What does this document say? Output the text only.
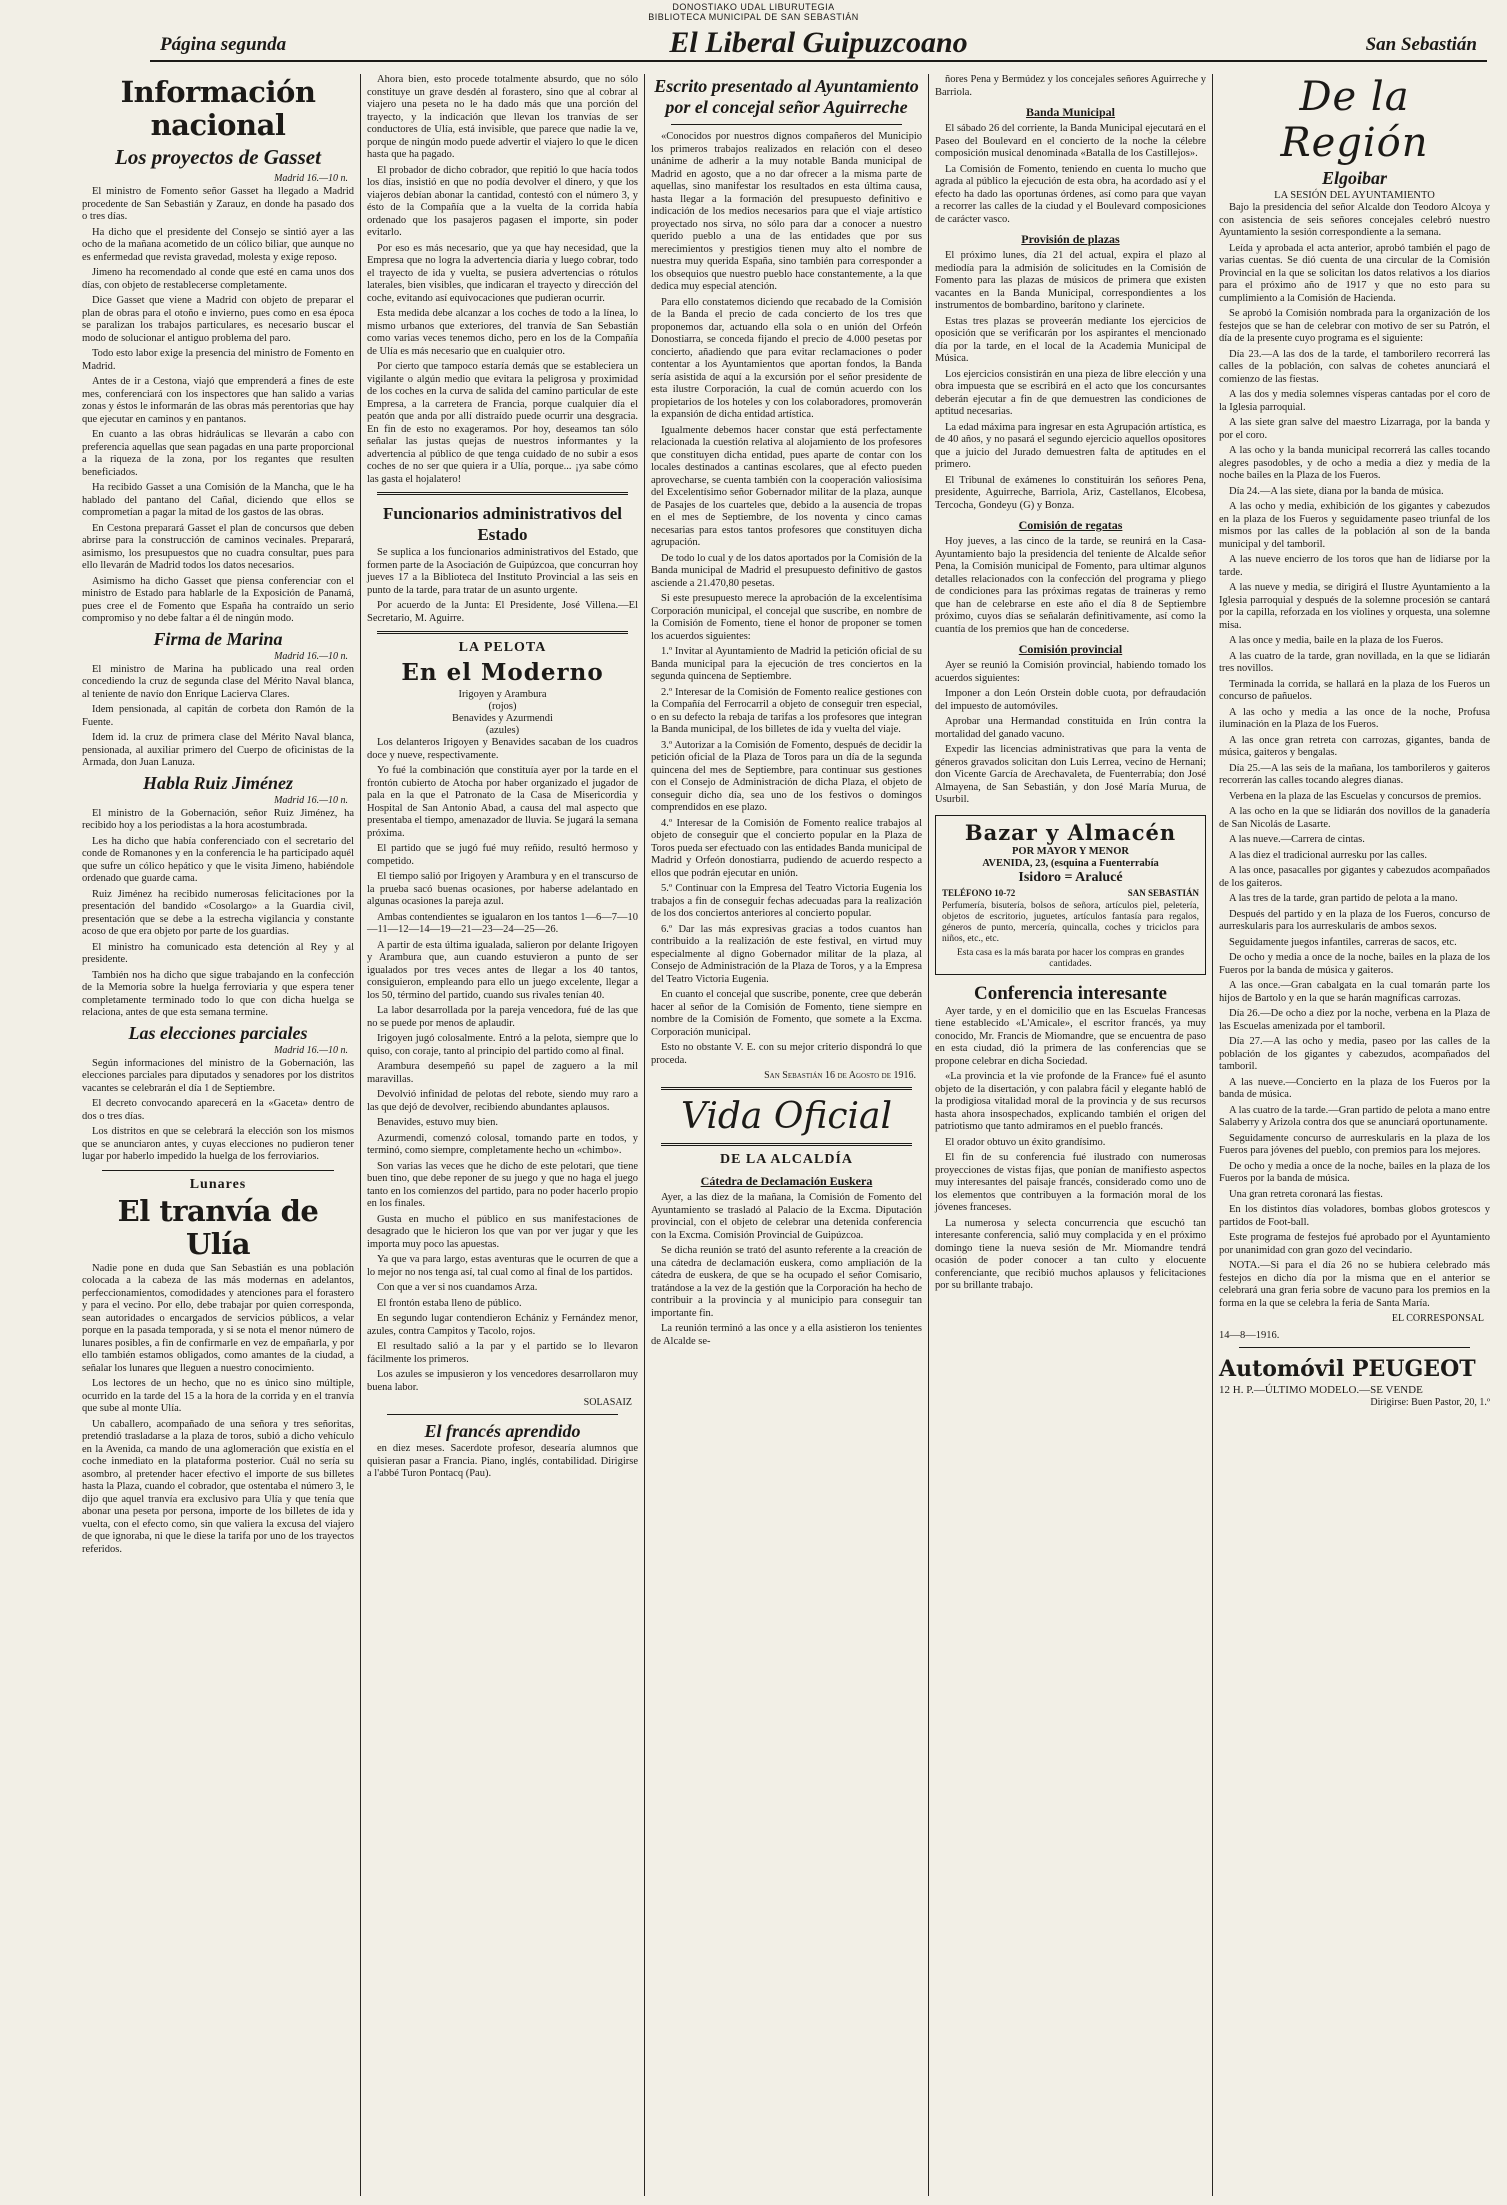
DONOSTIAKO UDAL LIBURUTEGIA
BIBLIOTECA MUNICIPAL DE SAN SEBASTIÁN
Página segunda	El Liberal Guipuzcoano	San Sebastián
Información nacional
Los proyectos de Gasset
Madrid 16.—10 n.

El ministro de Fomento señor Gasset ha llegado a Madrid procedente de San Sebastián y Zarauz, en donde ha pasado dos o tres días.

Ha dicho que el presidente del Consejo se sintió ayer a las ocho de la mañana acometido de un cólico biliar, que aunque no es enfermedad que revista gravedad, molesta y exige reposo.

Jimeno ha recomendado al conde que esté en cama unos dos días, con objeto de restablecerse completamente.

Dice Gasset que viene a Madrid con objeto de preparar el plan de obras para el otoño e invierno, pues como en esa época se paralizan los trabajos particulares, es necesario buscar el modo de solucionar el antiguo problema del paro.

Todo esto labor exige la presencia del ministro de Fomento en Madrid.

Antes de ir a Cestona, viajó que emprenderá a fines de este mes, conferenciará con los inspectores que han salido a varias zonas y éstos le informarán de las obras más perentorias que hay que ejecutar en caminos y en pantanos.

En cuanto a las obras hidráulicas se llevarán a cabo con preferencia aquellas que sean pagadas en una parte proporcional a la riqueza de la zona, por los regantes que resulten beneficiados.

Ha recibido Gasset a una Comisión de la Mancha, que le ha hablado del pantano del Cañal, diciendo que ellos se comprometían a pagar la mitad de los gastos de las obras.

En Cestona preparará Gasset el plan de concursos que deben abrirse para la construcción de caminos vecinales. Preparará, asimismo, los presupuestos que no cuadra consultar, pues para ello llevarán de Madrid todos los datos necesarios.

Asimismo ha dicho Gasset que piensa conferenciar con el ministro de Estado para hablarle de la Exposición de Panamá, pues cree el de Fomento que España ha contraído un serio compromiso y no debe faltar a él de ningún modo.

Firma de Marina
Madrid 16.—10 n.

El ministro de Marina ha publicado una real orden concediendo la cruz de segunda clase del Mérito Naval blanca, al teniente de navío don Enrique Lacierva Clares.

Idem pensionada, al capitán de corbeta don Ramón de la Fuente.

Idem id. la cruz de primera clase del Mérito Naval blanca, pensionada, al auxiliar primero del Cuerpo de oficinistas de la Armada, don Juan Lanuza.

Habla Ruiz Jiménez
Madrid 16.—10 n.

El ministro de la Gobernación, señor Ruiz Jiménez, ha recibido hoy a los periodistas a la hora acostumbrada.

Les ha dicho que había conferenciado con el secretario del conde de Romanones y en la conferencia le ha participado aquél que sufre un cólico hepático y que le visita Jimeno, habiéndole ordenado que guarde cama.

Ruiz Jiménez ha recibido numerosas felicitaciones por la presentación del bandido «Cosolargo» a la Guardia civil, presentación que se debe a la estrecha vigilancia y constante acoso de que era objeto por parte de los guardias.

El ministro ha comunicado esta detención al Rey y al presidente.

También nos ha dicho que sigue trabajando en la confección de la Memoria sobre la huelga ferroviaria y que espera tener completamente terminado todo lo que con dicha huelga se relaciona, antes de que esta semana termine.

Las elecciones parciales
Madrid 16.—10 n.

Según informaciones del ministro de la Gobernación, las elecciones parciales para diputados y senadores por los distritos vacantes se celebrarán el día 1 de Septiembre.

El decreto convocando aparecerá en la «Gaceta» dentro de dos o tres días.

Los distritos en que se celebrará la elección son los mismos que se anunciaron antes, y cuyas elecciones no pudieron tener lugar por haberlo impedido la huelga de los ferroviarios.

Lunares
El tranvía de Ulía

Nadie pone en duda que San Sebastián es una población colocada a la cabeza de las más modernas en adelantos, perfeccionamientos, comodidades y atenciones para el forastero y para el vecino. Por ello, debe trabajar por quien corresponda, sean autoridades o encargados de servicios públicos, a velar porque en la pasada temporada, y si se nota el menor número de lunares posibles, a fin de confirmarle en vez de empañarla, y por ello también estamos obligados, como amantes de la ciudad, a señalar los lunares que lleguen a nuestro conocimiento.

Los lectores de un hecho, que no es único sino múltiple, ocurrido en la tarde del 15 a la hora de la corrida y en el tranvía que sube al monte Ulía.

Un caballero, acompañado de una señora y tres señoritas, pretendió trasladarse a la plaza de toros, subió a dicho vehículo en la Avenida, ca mando de una aglomeración que existía en el coche inmediato en la plataforma posterior. Cuál no sería su asombro, al pretender hacer efectivo el importe de sus billetes hasta la Plaza, cuando el cobrador, que ostentaba el número 3, le dijo que aquel tranvía era exclusivo para Ulía y que tenía que abonar una peseta por persona, importe de los billetes de ida y vuelta, con el efecto como, sin que valiera la excusa del viajero de que ignoraba, ni que le diese la tarifa por uno de los trayectos referidos.

Ahora bien, esto procede totalmente absurdo, que no sólo constituye un grave desdén al forastero, sino que al cobrar al viajero una peseta no le ha dado más que una porción del trayecto, y la indicación que llevan los tranvías de ser conductores de Ulía, está invisible, que parece que nadie la ve, porque de ningún modo puede advertir el viajero lo que le dicen hasta que ha pagado.

El probador de dicho cobrador, que repitió lo que hacía todos los días, insistió en que no podía devolver el dinero, y que los viajeros debían abonar la cantidad, contestó con el número 3, y ésto de la Compañía que a la vuelta de la corrida había ordenado que los pasajeros pagasen el importe, sin poder evitarlo.

Por eso es más necesario, que ya que hay necesidad, que la Empresa que no logra la advertencia diaria y luego cobrar, todo el trayecto de ida y vuelta, se pusiera advertencias o rótulos laterales, bien visibles, que indicaran el trayecto y dirección del coche, evitando así equivocaciones que pudieran ocurrir.

Esta medida debe alcanzar a los coches de todo a la línea, lo mismo urbanos que exteriores, del tranvía de San Sebastián como varias veces tenemos dicho, pero en los de la Compañía de Ulía es más necesario que en cualquier otro.

Por cierto que tampoco estaría demás que se estableciera un vigilante o algún medio que evitara la peligrosa y proximidad de los coches en la curva de salida del camino particular de este Empresa, a la carretera de Francia, porque cualquier día el peatón que anda por allí distraído puede ocurrir una desgracia. En fin de esto no exageramos. Por hoy, deseamos tan sólo señalar las justas quejas de nuestros informantes y la advertencia al público de que tenga cuidado de no subir a esos coches de no ser que quiera ir a Ulía, porque... ¡ya sabe cómo las gasta el hojalatero!

Funcionarios administrativos del Estado

Se suplica a los funcionarios administrativos del Estado, que formen parte de la Asociación de Guipúzcoa, que concurran hoy jueves 17 a la Biblioteca del Instituto Provincial a las seis en punto de la tarde, para tratar de un asunto urgente.

Por acuerdo de la Junta: El Presidente, José Villena.—El Secretario, M. Aguirre.

LA PELOTA
En el Moderno
Irigoyen y Arambura
(rojos)
Benavides y Azurmendi
(azules)

Los delanteros Irigoyen y Benavides sacaban de los cuadros doce y nueve, respectivamente.

Yo fué la combinación que constituía ayer por la tarde en el frontón cubierto de Atocha por haber organizado el jugador de pala en la que el Patronato de la Casa de Misericordia y Hospital de San Antonio Abad, a causa del mal aspecto que presentaba el tiempo, amenazador de lluvia. Se jugará la semana próxima.

El partido que se jugó fué muy reñido, resultó hermoso y competido.

El tiempo salió por Irigoyen y Arambura y en el transcurso de la prueba sacó buenas ocasiones, por haberse adelantado en algunas ocasiones la pareja azul.

Ambas contendientes se igualaron en los tantos 1—6—7—10—11—12—14—19—21—23—24—25—26.

A partir de esta última igualada, salieron por delante Irigoyen y Arambura que, aun cuando estuvieron a punto de ser igualados por tres veces antes de llegar a los 40 tantos, consiguieron, empleando para ello un juego excelente, llegar a los 50, término del partido, cuando sus rivales tenían 40.

La labor desarrollada por la pareja vencedora, fué de las que no se puede por menos de aplaudir.

Irigoyen jugó colosalmente. Entró a la pelota, siempre que lo quiso, con coraje, tanto al principio del partido como al final.

Arambura desempeñó su papel de zaguero a la mil maravillas.

Devolvió infinidad de pelotas del rebote, siendo muy raro a las que dejó de devolver, recibiendo abundantes aplausos.

Benavides, estuvo muy bien.

Azurmendi, comenzó colosal, tomando parte en todos, y terminó, como siempre, completamente hecho un «chimbo».

Son varias las veces que he dicho de este pelotari, que tiene buen tino, que debe reponer de su juego y que no haga el juego tanto en los comienzos del partido, para no poder hacerlo propio en los finales.

Gusta en mucho el público en sus manifestaciones de desagrado que le hicieron los que van por ver jugar y que les importa muy poco las apuestas.

Ya que va para largo, estas aventuras que le ocurren de que a lo mejor no nos tenga así, tal cual como al final de los partidos.

Con que a ver si nos cuandamos Arza.

El frontón estaba lleno de público.

En segundo lugar contendieron Echániz y Fernández menor, azules, contra Campitos y Tacolo, rojos.

El resultado salió a la par y el partido se lo llevaron fácilmente los primeros.

Los azules se impusieron y los vencedores desarrollaron muy buena labor.

SOLASAIZ
El francés aprendido

en diez meses. Sacerdote profesor, desearía alumnos que quisieran pasar a Francia. Piano, inglés, contabilidad. Dirigirse a l'abbé Turon Pontacq (Pau).

Escrito presentado al Ayuntamiento por el concejal señor Aguirreche

«Conocidos por nuestros dignos compañeros del Municipio los primeros trabajos realizados en relación con el deseo unánime de adherir a la muy notable Banda municipal de Madrid en agosto, que a no dar ofrecer a la misma parte de aquellas, sino manifestar los resultados en esta última causa, hasta llegar a la formación del presupuesto definitivo e indicación de los medios necesarios para que el viaje artístico proyectado nos sirva, no sólo para dar a conocer a nuestro querido pueblo a una de las entidades que por sus merecimientos y prestigios tienen muy alto el nombre de nuestra muy querida España, sino también para corresponder a los obsequios que nuestro pueblo hace constantemente, a la que dedica muy especial atención.

Para ello constatemos diciendo que recabado de la Comisión de la Banda el precio de cada concierto de los tres que proponemos dar, actuando ella sola o en unión del Orfeón Donostiarra, se conceda fijando el precio de 4.000 pesetas por concierto, añadiendo que para evitar reclamaciones o poder contentar a los Ayuntamientos que aportan fondos, la Banda sería asistida de aquí a la excursión por el señor presidente de esta ilustre Corporación, la cual de común acuerdo con los propietarios de los hoteles y con los colaboradores, promoverán la expansión de dicha entidad artística.

Igualmente debemos hacer constar que está perfectamente relacionada la cuestión relativa al alojamiento de los profesores que constituyen dicha entidad, pues aparte de contar con los locales destinados a cantinas escolares, que al efecto pueden aprovecharse, se cuenta también con la cooperación valiosísima del Excelentísimo señor Gobernador militar de la plaza, aunque de Pasajes de los cuarteles que, debido a la ausencia de tropas en el mes de Septiembre, de los noventa y cinco camas necesarias para estos tantos profesores que constituyen dicha agrupación.

De todo lo cual y de los datos aportados por la Comisión de la Banda municipal de Madrid el presupuesto definitivo de gastos asciende a 21.470,80 pesetas.

Si este presupuesto merece la aprobación de la excelentísima Corporación municipal, el concejal que suscribe, en nombre de la Comisión de Fomento, tiene el honor de proponer se tomen los acuerdos siguientes:

1.º Invitar al Ayuntamiento de Madrid la petición oficial de su Banda municipal para la ejecución de tres conciertos en la segunda quincena de Septiembre.

2.º Interesar de la Comisión de Fomento realice gestiones con la Compañía del Ferrocarril a objeto de conseguir tren especial, o en su defecto la rebaja de tarifas a los profesores que integran la Banda municipal, de los billetes de ida y vuelta del viaje.

3.º Autorizar a la Comisión de Fomento, después de decidir la petición oficial de la Plaza de Toros para un día de la segunda quincena del mes de Septiembre, para continuar sus gestiones con el Consejo de Administración de dicha Plaza, el objeto de conseguir dicho día, sea uno de los festivos o domingos comprendidos en ese plazo.

4.º Interesar de la Comisión de Fomento realice trabajos al objeto de conseguir que el concierto popular en la Plaza de Toros pueda ser efectuado con las entidades Banda municipal de Madrid y Orfeón donostiarra, pudiendo de acuerdo respecto a ellos que podrán ejecutar en unión.

5.º Continuar con la Empresa del Teatro Victoria Eugenia los trabajos a fin de conseguir fechas adecuadas para la realización de los dos conciertos anteriores al concierto popular.

6.º Dar las más expresivas gracias a todos cuantos han contribuido a la realización de este festival, en virtud muy especialmente al digno Gobernador militar de la plaza, al Consejo de Administración de la Plaza de Toros, y a la Empresa del Teatro Victoria Eugenia.

En cuanto el concejal que suscribe, ponente, cree que deberán hacer al señor de la Comisión de Fomento, tiene siempre en nombre de la Comisión de Fomento, que somete a la Excma. Corporación municipal.

Esto no obstante V. E. con su mejor criterio dispondrá lo que proceda.

San Sebastián 16 de Agosto de 1916.
Vida Oficial
DE LA ALCALDÍA
Cátedra de Declamación Euskera

Ayer, a las diez de la mañana, la Comisión de Fomento del Ayuntamiento se trasladó al Palacio de la Excma. Diputación provincial, con el objeto de celebrar una detenida conferencia con la Excma. Comisión Provincial de Guipúzcoa.

Se dicha reunión se trató del asunto referente a la creación de una cátedra de declamación euskera, como ampliación de la cátedra de euskera, de que se ha ocupado el señor Comisario, tratándose a la vez de la gestión que la Corporación ha hecho de contribuir a la provincia y al municipio para conseguir tan importante fin.

La reunión terminó a las once y a ella asistieron los tenientes de Alcalde se-

ñores Pena y Bermúdez y los concejales señores Aguirreche y Barriola.

Banda Municipal

El sábado 26 del corriente, la Banda Municipal ejecutará en el Paseo del Boulevard en el concierto de la noche la célebre composición musical denominada «Batalla de los Castillejos».

La Comisión de Fomento, teniendo en cuenta lo mucho que agrada al público la ejecución de esta obra, ha acordado así y el efecto ha dado las oportunas órdenes, así como para que vayan a recorrer las calles de la ciudad y el Boulevard composiciones de carácter vasco.

Provisión de plazas

El próximo lunes, día 21 del actual, expira el plazo al mediodía para la admisión de solicitudes en la Comisión de Fomento para las plazas de músicos de primera que existen vacantes en la Banda Municipal, correspondientes a los instrumentos de bombardino, barítono y clarinete.

Estas tres plazas se proveerán mediante los ejercicios de oposición que se verificarán por los aspirantes el mencionado día por la tarde, en el local de la Academia Municipal de Música.

Los ejercicios consistirán en una pieza de libre elección y una obra impuesta que se escribirá en el acto que los concursantes deberán ejecutar a fin de que demuestren las condiciones de aptitud necesarias.

La edad máxima para ingresar en esta Agrupación artística, es de 40 años, y no pasará el segundo ejercicio aquellos opositores que a juicio del Jurado demuestren falta de aptitudes en el primero.

El Tribunal de exámenes lo constituirán los señores Pena, presidente, Aguirreche, Barriola, Ariz, Castellanos, Elcobesa, Tercocha, Gondeyu (G) y Bonza.

Comisión de regatas

Hoy jueves, a las cinco de la tarde, se reunirá en la Casa-Ayuntamiento bajo la presidencia del teniente de Alcalde señor Pena, la Comisión municipal de Fomento, para ultimar algunos detalles relacionados con la confección del programa y pliego de condiciones para las próximas regatas de traineras y remo que han de celebrarse en este año el día 8 de Septiembre próximo, cuyos días se señalarán definitivamente, así como la cuantía de los premios que han de concederse.

Comisión provincial

Ayer se reunió la Comisión provincial, habiendo tomado los acuerdos siguientes:

Imponer a don León Orstein doble cuota, por defraudación del impuesto de automóviles.

Aprobar una Hermandad constituida en Irún contra la mortalidad del ganado vacuno.

Expedir las licencias administrativas que para la venta de géneros gravados solicitan don Luis Lerrea, vecino de Hernani; don Vicente García de Arechavaleta, de Fuenterrabía; don José Almayena, de San Sebastián, y don José María Murua, de Usurbil.

Bazar y Almacén
POR MAYOR Y MENOR
AVENIDA, 23, (esquina a Fuenterrabía
Isidoro = Aralucé
TELÉFONO 10-72	SAN SEBASTIÁN
Perfumería, bisutería, bolsos de señora, artículos piel, peletería, objetos de escritorio, juguetes, artículos fantasía para regalos, géneros de punto, mercería, quincalla, coches y triciclos para niños, etc., etc.
Esta casa es la más barata por hacer los compras en grandes cantidades.
Conferencia interesante

Ayer tarde, y en el domicilio que en las Escuelas Francesas tiene establecido «L'Amicale», el escritor francés, ya muy conocido, Mr. Francis de Miomandre, que se encuentra de paso en esta ciudad, dió la primera de las conferencias que se propone celebrar en dicha Sociedad.

«La provincia et la vie profonde de la France» fué el asunto objeto de la disertación, y con palabra fácil y elegante habló de la prodigiosa vitalidad moral de la provincia y de sus recursos hasta ahora insospechados, explicando también el origen del patriotismo que tanto admiramos en el pueblo francés.

El orador obtuvo un éxito grandísimo.

El fin de su conferencia fué ilustrado con numerosas proyecciones de vistas fijas, que ponían de manifiesto aspectos muy interesantes del paisaje francés, considerado como uno de los elementos que contribuyen a la formación moral de los jóvenes franceses.

La numerosa y selecta concurrencia que escuchó tan interesante conferencia, salió muy complacida y en el próximo domingo tiene la nueva sesión de Mr. Miomandre tendrá ocasión de poder conocer a tan culto y elocuente conferenciante, que recibió muchos aplausos y felicitaciones por su brillante trabajo.

De la Región
Elgoibar
LA SESIÓN DEL AYUNTAMIENTO

Bajo la presidencia del señor Alcalde don Teodoro Alcoya y con asistencia de seis señores concejales celebró nuestro Ayuntamiento la sesión correspondiente a la semana.

Leída y aprobada el acta anterior, aprobó también el pago de varias cuentas. Se dió cuenta de una circular de la Comisión Provincial en la que se solicitan los datos relativos a los diarios para el próximo año de 1917 y que no esto para su cumplimiento a la Comisión de Hacienda.

Se aprobó la Comisión nombrada para la organización de los festejos que se han de celebrar con motivo de ser su Patrón, el día de la presente cuyo programa es el siguiente:

Día 23.—A las dos de la tarde, el tamborilero recorrerá las calles de la población, con salvas de cohetes anunciará el comienzo de las fiestas.

A las dos y media solemnes vísperas cantadas por el coro de la Iglesia parroquial.

A las siete gran salve del maestro Lizarraga, por la banda y por el coro.

A las ocho y la banda municipal recorrerá las calles tocando alegres pasodobles, y de ocho a media a diez y media de la noche bailes en la Plaza de los Fueros.

Día 24.—A las siete, diana por la banda de música.

A las ocho y media, exhibición de los gigantes y cabezudos en la plaza de los Fueros y seguidamente paseo triunfal de los mismos por las calles de la población al son de la banda municipal y del tamboril.

A las nueve encierro de los toros que han de lidiarse por la tarde.

A las nueve y media, se dirigirá el Ilustre Ayuntamiento a la Iglesia parroquial y después de la solemne procesión se cantará por la capilla, reforzada en los violines y orquesta, una solemne misa.

A las once y media, baile en la plaza de los Fueros.

A las cuatro de la tarde, gran novillada, en la que se lidiarán tres novillos.

Terminada la corrida, se hallará en la plaza de los Fueros un concurso de pañuelos.

A las ocho y media a las once de la noche, Profusa iluminación en la Plaza de los Fueros.

A las once gran retreta con carrozas, gigantes, banda de música, gaiteros y bengalas.

Día 25.—A las seis de la mañana, los tamborileros y gaiteros recorrerán las calles tocando alegres dianas.

Verbena en la plaza de las Escuelas y concursos de premios.

A las ocho en la que se lidiarán dos novillos de la ganadería de San Nicolás de Lasarte.

A las nueve.—Carrera de cintas.

A las diez el tradicional aurresku por las calles.

A las once, pasacalles por gigantes y cabezudos acompañados de los gaiteros.

A las tres de la tarde, gran partido de pelota a la mano.

Después del partido y en la plaza de los Fueros, concurso de aurreskularis para los aurreskularis de ambos sexos.

Seguidamente juegos infantiles, carreras de sacos, etc.

De ocho y media a once de la noche, bailes en la plaza de los Fueros por la banda de música y gaiteros.

A las once.—Gran cabalgata en la cual tomarán parte los hijos de Bartolo y en la que se harán magníficas carrozas.

Día 26.—De ocho a diez por la noche, verbena en la Plaza de las Escuelas amenizada por el tamboril.

Día 27.—A las ocho y media, paseo por las calles de la población de los gigantes y cabezudos, acompañados del tamboril.

A las nueve.—Concierto en la plaza de los Fueros por la banda de música.

A las cuatro de la tarde.—Gran partido de pelota a mano entre Salaberry y Arizola contra dos que se anunciará oportunamente.

Seguidamente concurso de aurreskularis en la plaza de los Fueros para jóvenes del pueblo, con premios para los mejores.

De ocho y media a once de la noche, bailes en la plaza de los Fueros por la banda de música.

Una gran retreta coronará las fiestas.

En los distintos días voladores, bombas globos grotescos y partidos de Foot-ball.

Este programa de festejos fué aprobado por el Ayuntamiento por unanimidad con gran gozo del vecindario.

NOTA.—Si para el día 26 no se hubiera celebrado más festejos en dicho día por la misma que en el anterior se celebrará una gran feria sobre de vacuno para los premios en la forma en la que se celebra la feria de Santa María.

EL CORRESPONSAL
14—8—1916.
Automóvil PEUGEOT
12 H. P.—ÚLTIMO MODELO.—SE VENDE
Dirigirse: Buen Pastor, 20, 1.º
